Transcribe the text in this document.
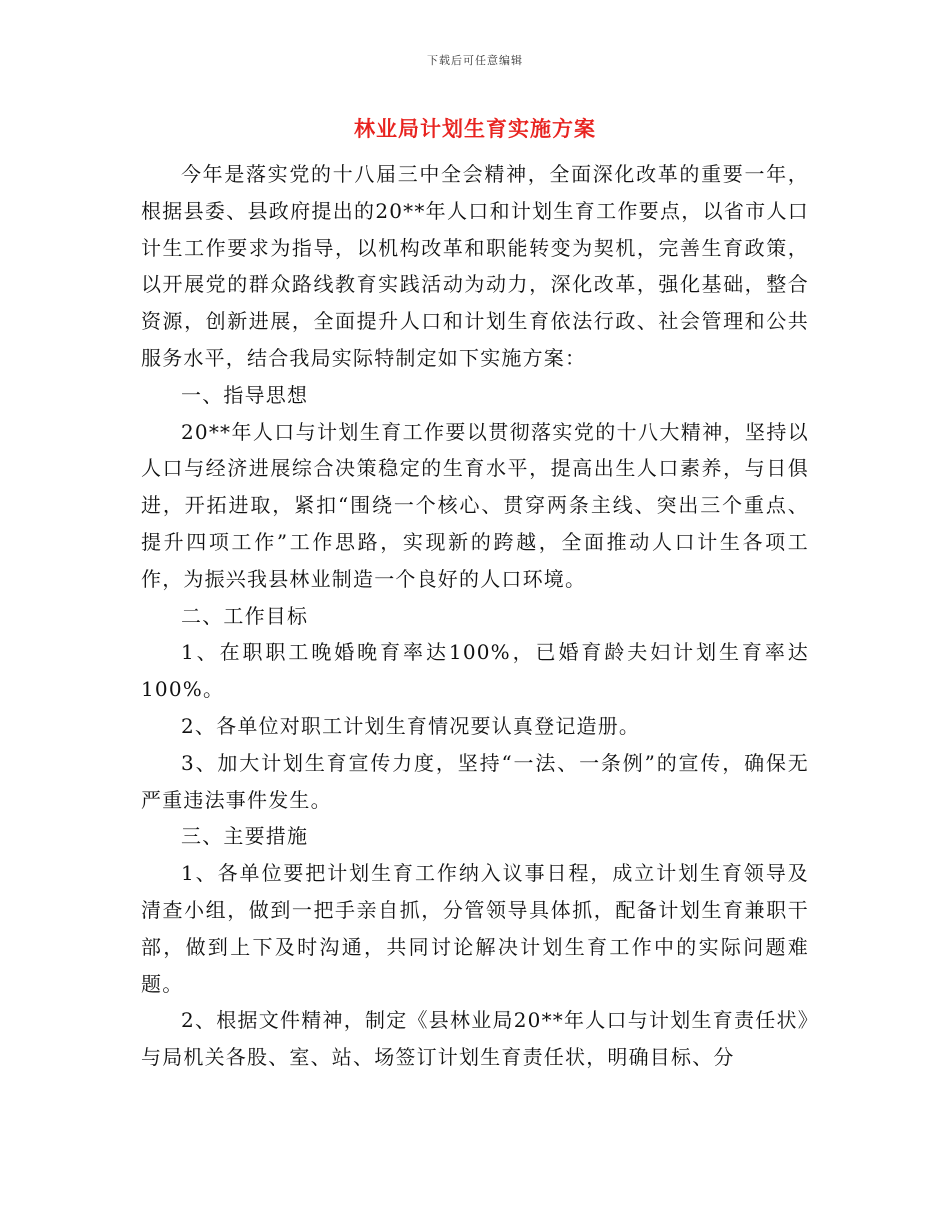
下载后可任意编辑
林业局计划生育实施方案

今年是落实党的十八届三中全会精神，全面深化改革的重要一年，根据县委、县政府提出的20**年人口和计划生育工作要点，以省市人口计生工作要求为指导，以机构改革和职能转变为契机，完善生育政策，以开展党的群众路线教育实践活动为动力，深化改革，强化基础，整合资源，创新进展，全面提升人口和计划生育依法行政、社会管理和公共服务水平，结合我局实际特制定如下实施方案：

一、指导思想

20**年人口与计划生育工作要以贯彻落实党的十八大精神，坚持以人口与经济进展综合决策稳定的生育水平，提高出生人口素养，与日俱进，开拓进取，紧扣“围绕一个核心、贯穿两条主线、突出三个重点、提升四项工作”工作思路，实现新的跨越，全面推动人口计生各项工作，为振兴我县林业制造一个良好的人口环境。

二、工作目标

1、在职职工晚婚晚育率达100%，已婚育龄夫妇计划生育率达100%。

2、各单位对职工计划生育情况要认真登记造册。

3、加大计划生育宣传力度，坚持“一法、一条例”的宣传，确保无严重违法事件发生。

三、主要措施

1、各单位要把计划生育工作纳入议事日程，成立计划生育领导及清查小组，做到一把手亲自抓，分管领导具体抓，配备计划生育兼职干部，做到上下及时沟通，共同讨论解决计划生育工作中的实际问题难题。

2、根据文件精神，制定《县林业局20**年人口与计划生育责任状》与局机关各股、室、站、场签订计划生育责任状，明确目标、分
